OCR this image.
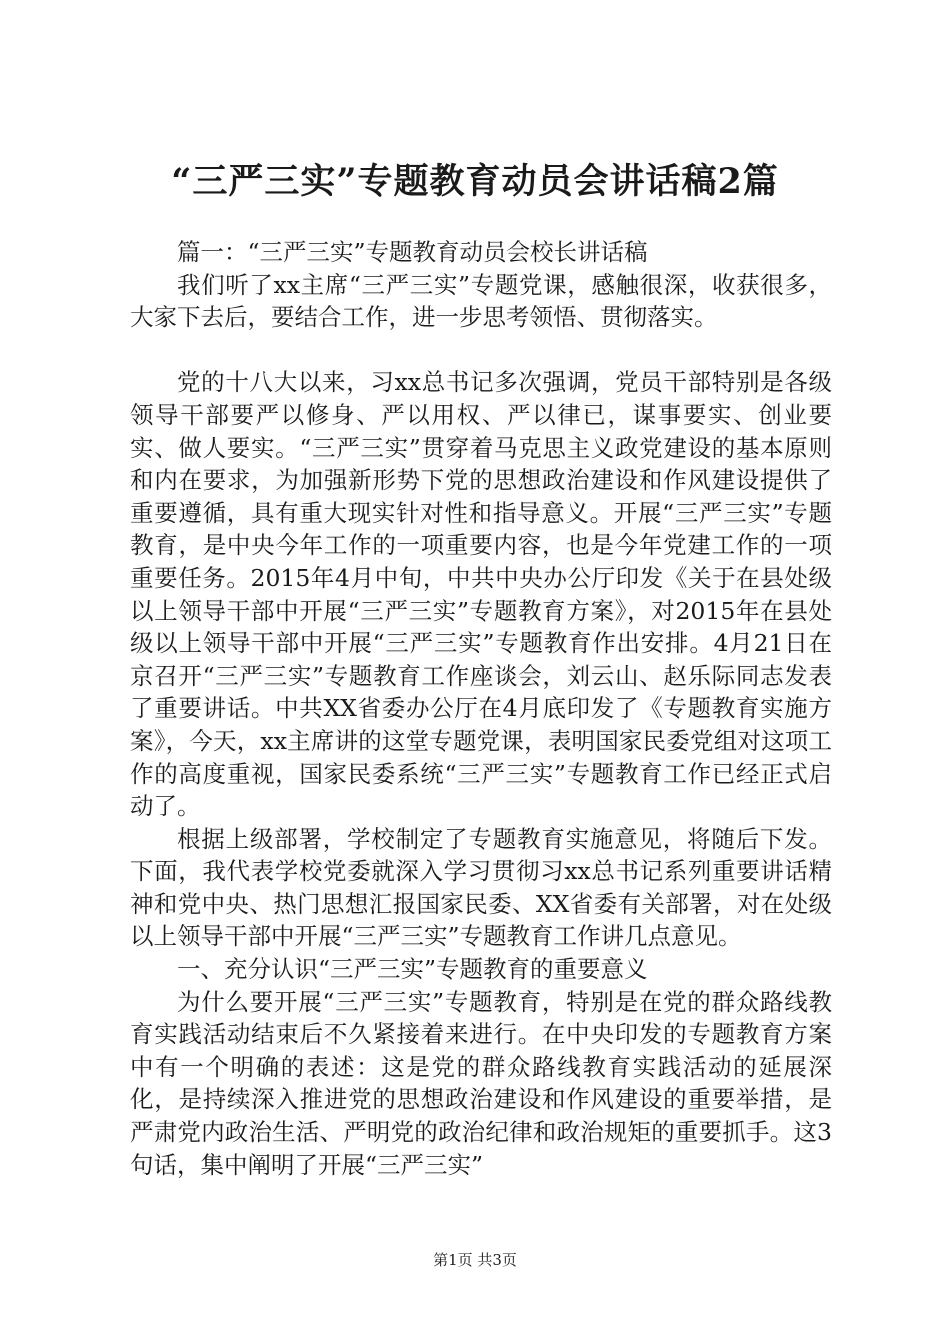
“三严三实”专题教育动员会讲话稿2篇

篇一：“三严三实”专题教育动员会校长讲话稿

我们听了xx主席“三严三实”专题党课，感触很深，收获很多，大家下去后，要结合工作，进一步思考领悟、贯彻落实。

党的十八大以来，习xx总书记多次强调，党员干部特别是各级领导干部要严以修身、严以用权、严以律已，谋事要实、创业要实、做人要实。“三严三实”贯穿着马克思主义政党建设的基本原则和内在要求，为加强新形势下党的思想政治建设和作风建设提供了重要遵循，具有重大现实针对性和指导意义。开展“三严三实”专题教育，是中央今年工作的一项重要内容，也是今年党建工作的一项重要任务。2015年4月中旬，中共中央办公厅印发《关于在县处级以上领导干部中开展“三严三实”专题教育方案》，对2015年在县处级以上领导干部中开展“三严三实”专题教育作出安排。4月21日在京召开“三严三实”专题教育工作座谈会，刘云山、赵乐际同志发表了重要讲话。中共XX省委办公厅在4月底印发了《专题教育实施方案》，今天，xx主席讲的这堂专题党课，表明国家民委党组对这项工作的高度重视，国家民委系统“三严三实”专题教育工作已经正式启动了。

根据上级部署，学校制定了专题教育实施意见，将随后下发。下面，我代表学校党委就深入学习贯彻习xx总书记系列重要讲话精神和党中央、热门思想汇报国家民委、XX省委有关部署，对在处级以上领导干部中开展“三严三实”专题教育工作讲几点意见。

一、充分认识“三严三实”专题教育的重要意义

为什么要开展“三严三实”专题教育，特别是在党的群众路线教育实践活动结束后不久紧接着来进行。在中央印发的专题教育方案中有一个明确的表述：这是党的群众路线教育实践活动的延展深化，是持续深入推进党的思想政治建设和作风建设的重要举措，是严肃党内政治生活、严明党的政治纪律和政治规矩的重要抓手。这3句话，集中阐明了开展“三严三实”

第1页 共3页
